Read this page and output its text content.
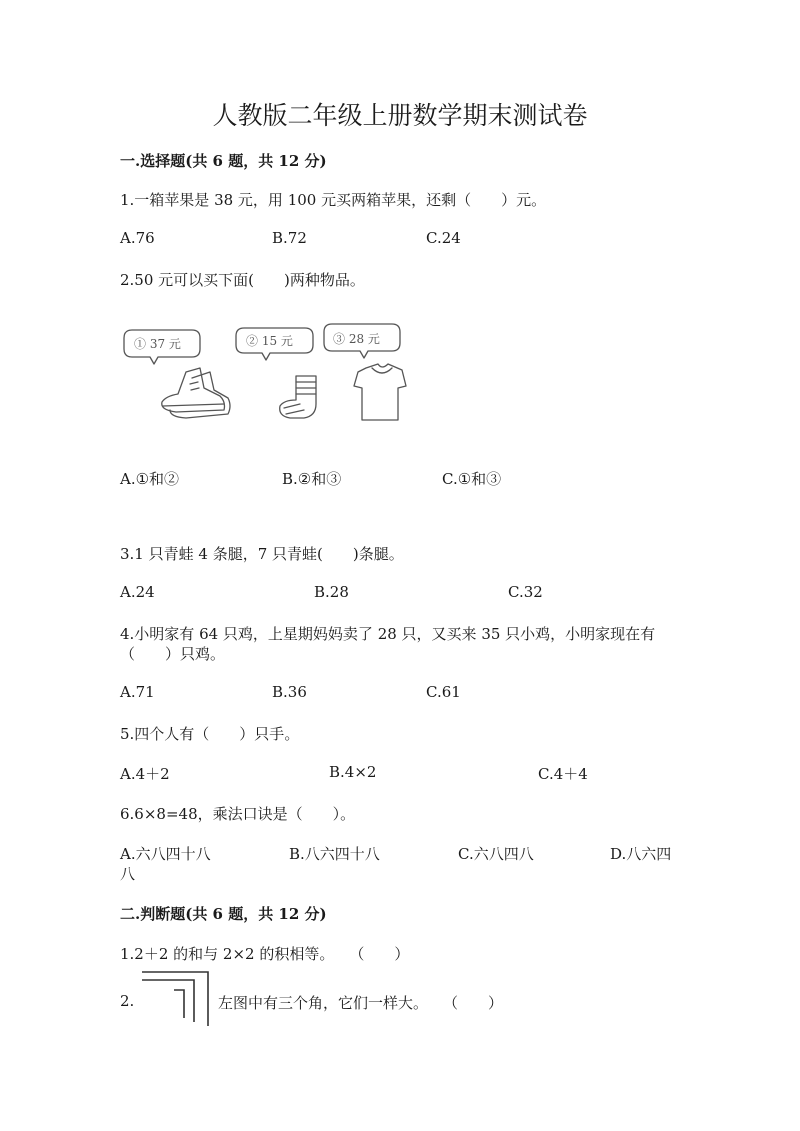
人教版二年级上册数学期末测试卷
一.选择题(共 6 题，共 12 分)
1.一箱苹果是 38 元，用 100 元买两箱苹果，还剩（　　）元。
A.76	B.72	C.24
2.50 元可以买下面(　　)两种物品。
① 37 元	② 15 元	③ 28 元
A.①和②	B.②和③	C.①和③
3.1 只青蛙 4 条腿，7 只青蛙(　　)条腿。
A.24	B.28	C.32
4.小明家有 64 只鸡，上星期妈妈卖了 28 只，又买来 35 只小鸡，小明家现在有
（　　）只鸡。
A.71	B.36	C.61
5.四个人有（　　）只手。
A.4＋2	B.4×2	C.4＋4
6.6×8=48，乘法口诀是（　　）。
A.六八四十八	B.八六四十八	C.六八四八	D.八六四
八
二.判断题(共 6 题，共 12 分)
1.2＋2 的和与 2×2 的积相等。　　（　　）
2.	左图中有三个角，它们一样大。　　（　　）
